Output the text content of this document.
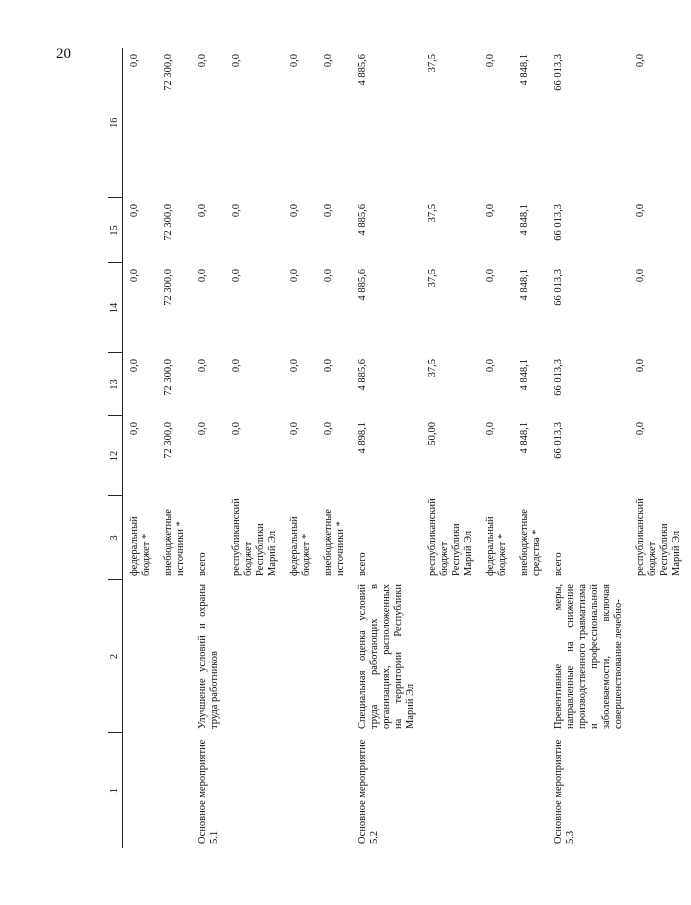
20
1	2	3	12	13	14	15	16
		федеральный бюджет *	0,0	0,0	0,0	0,0	0,0
		внебюджетные источники *	72 300,0	72 300,0	72 300,0	72 300,0	72 300,0
Основное мероприятие 5.1	Улучшение условий и охраны труда работников	всего	0,0	0,0	0,0	0,0	0,0
		республиканский бюджет Республики Марий Эл	0,0	0,0	0,0	0,0	0,0
		федеральный бюджет *	0,0	0,0	0,0	0,0	0,0
		внебюджетные источники *	0,0	0,0	0,0	0,0	0,0
Основное мероприятие 5.2	Специальная оценка условий труда работающих в организациях, расположенных на территории Республики Марий Эл	всего	4 898,1	4 885,6	4 885,6	4 885,6	4 885,6
		республиканский бюджет Республики Марий Эл	50,00	37,5	37,5	37,5	37,5
		федеральный бюджет *	0,0	0,0	0,0	0,0	0,0
		внебюджетные средства *	4 848,1	4 848,1	4 848,1	4 848,1	4 848,1
Основное мероприятие 5.3	Превентивные меры, направленные на снижение производственного травматизма и профессиональной заболеваемости, включая совершенствование лечебно-	всего	66 013,3	66 013,3	66 013,3	66 013,3	66 013,3
		республиканский бюджет Республики Марий Эл	0,0	0,0	0,0	0,0	0,0
